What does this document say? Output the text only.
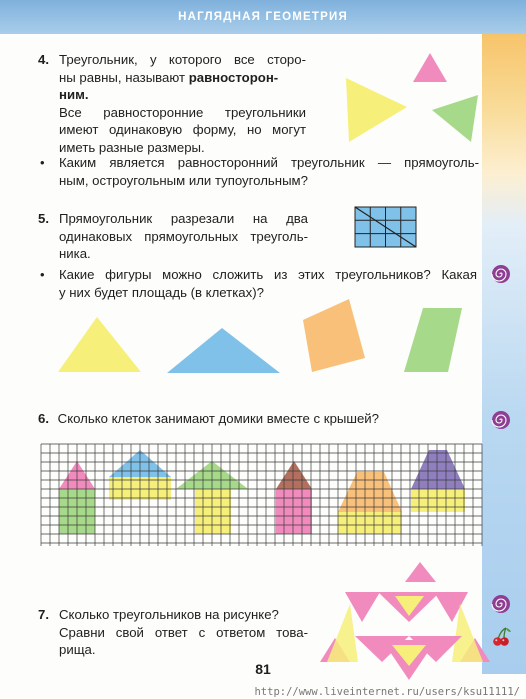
НАГЛЯДНАЯ ГЕОМЕТРИЯ
4. Треугольник, у которого все сторо-
ны равны, называют равносторон-
ним.
Все равносторонние треугольники
имеют одинаковую форму, но могут
иметь разные размеры.
• Каким является равносторонний треугольник — прямоуголь-
ным, остроугольным или тупоугольным?
5. Прямоугольник разрезали на два
одинаковых прямоугольных треуголь-
ника.
• Какие фигуры можно сложить из этих треугольников? Какая
у них будет площадь (в клетках)?
6. Сколько клеток занимают домики вместе с крышей?
7. Сколько треугольников на рисунке?
Сравни свой ответ с ответом това-
рища.
81
http://www.liveinternet.ru/users/ksu11111/
